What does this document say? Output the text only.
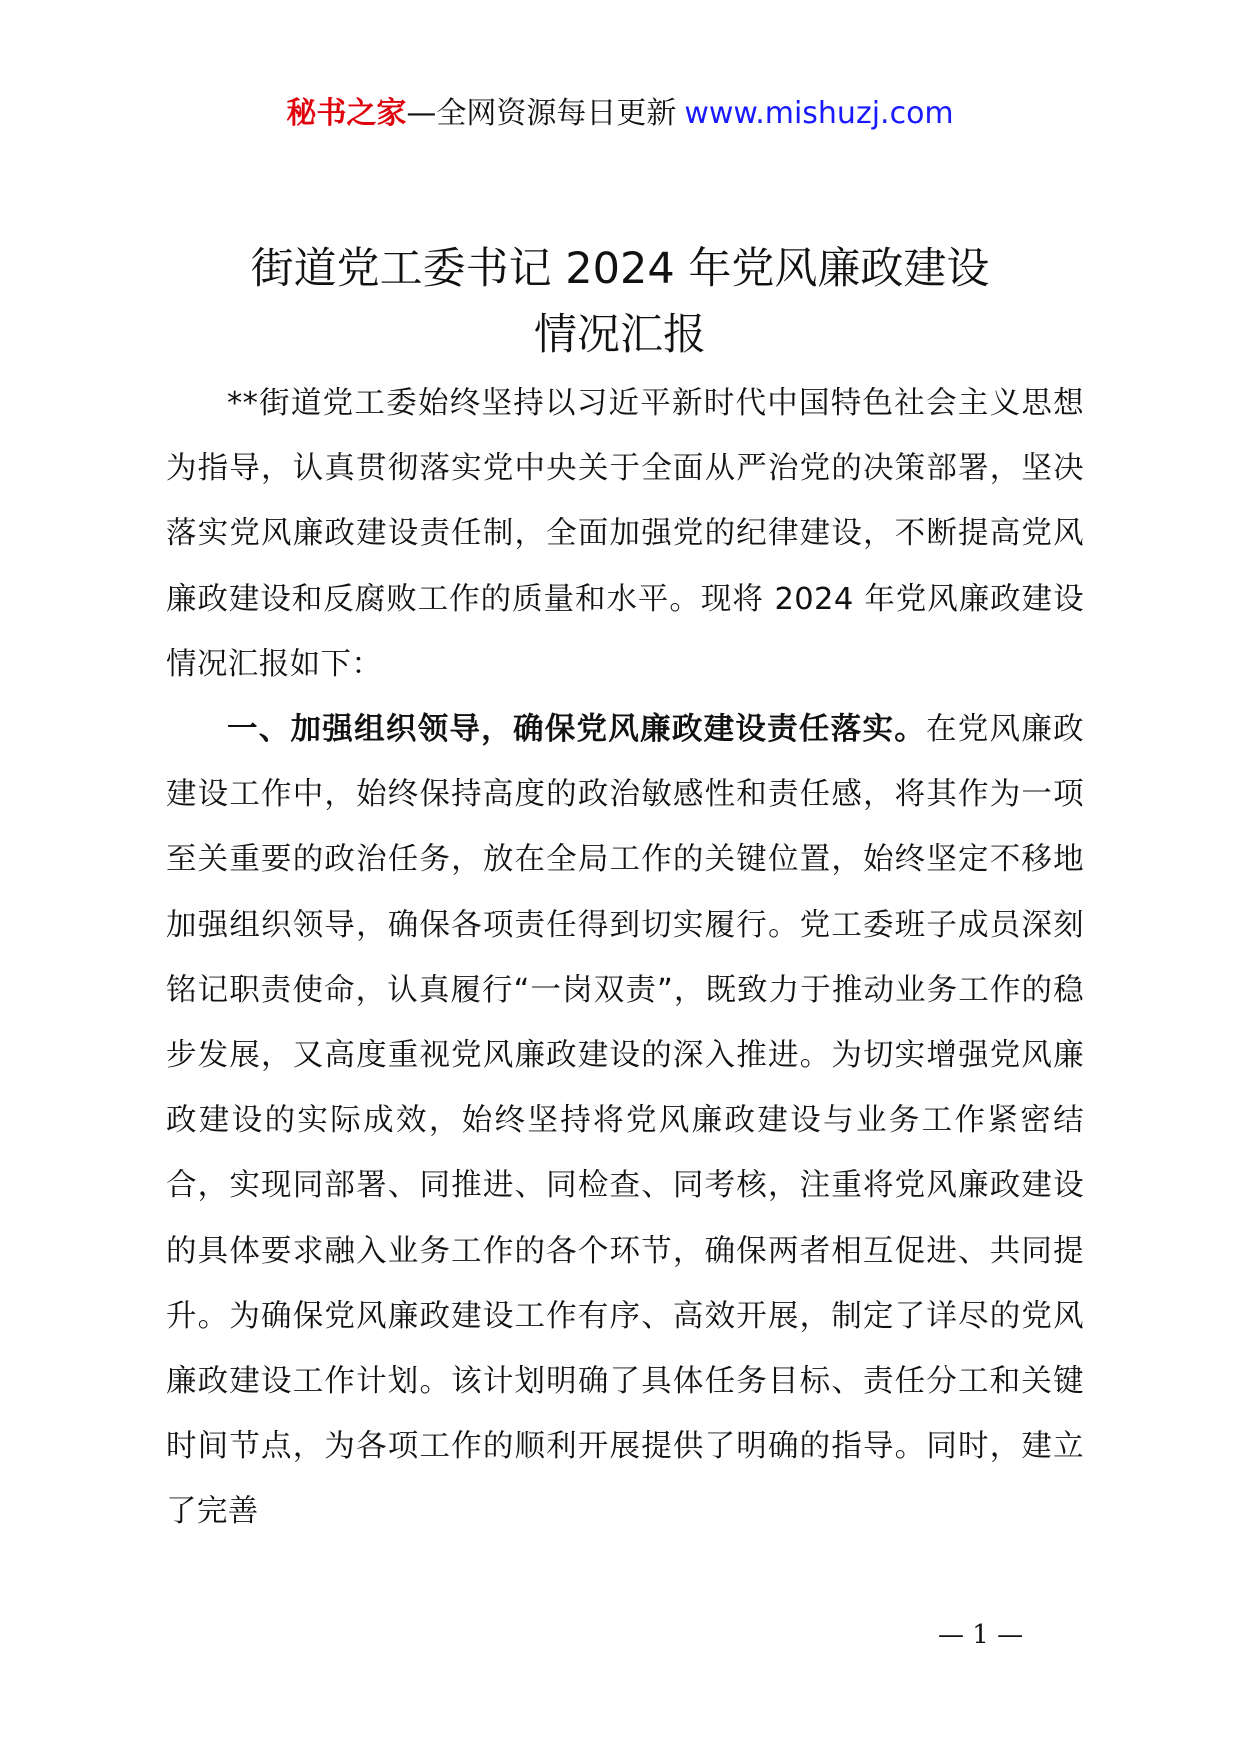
秘书之家—全网资源每日更新 www.mishuzj.com
街道党工委书记 2024 年党风廉政建设
情况汇报

**街道党工委始终坚持以习近平新时代中国特色社会主义思想为指导，认真贯彻落实党中央关于全面从严治党的决策部署，坚决落实党风廉政建设责任制，全面加强党的纪律建设，不断提高党风廉政建设和反腐败工作的质量和水平。现将 2024 年党风廉政建设情况汇报如下：

一、加强组织领导，确保党风廉政建设责任落实。在党风廉政建设工作中，始终保持高度的政治敏感性和责任感，将其作为一项至关重要的政治任务，放在全局工作的关键位置，始终坚定不移地加强组织领导，确保各项责任得到切实履行。党工委班子成员深刻铭记职责使命，认真履行“一岗双责”，既致力于推动业务工作的稳步发展，又高度重视党风廉政建设的深入推进。为切实增强党风廉政建设的实际成效，始终坚持将党风廉政建设与业务工作紧密结合，实现同部署、同推进、同检查、同考核，注重将党风廉政建设的具体要求融入业务工作的各个环节，确保两者相互促进、共同提升。为确保党风廉政建设工作有序、高效开展，制定了详尽的党风廉政建设工作计划。该计划明确了具体任务目标、责任分工和关键时间节点，为各项工作的顺利开展提供了明确的指导。同时，建立了完善

— 1 —
